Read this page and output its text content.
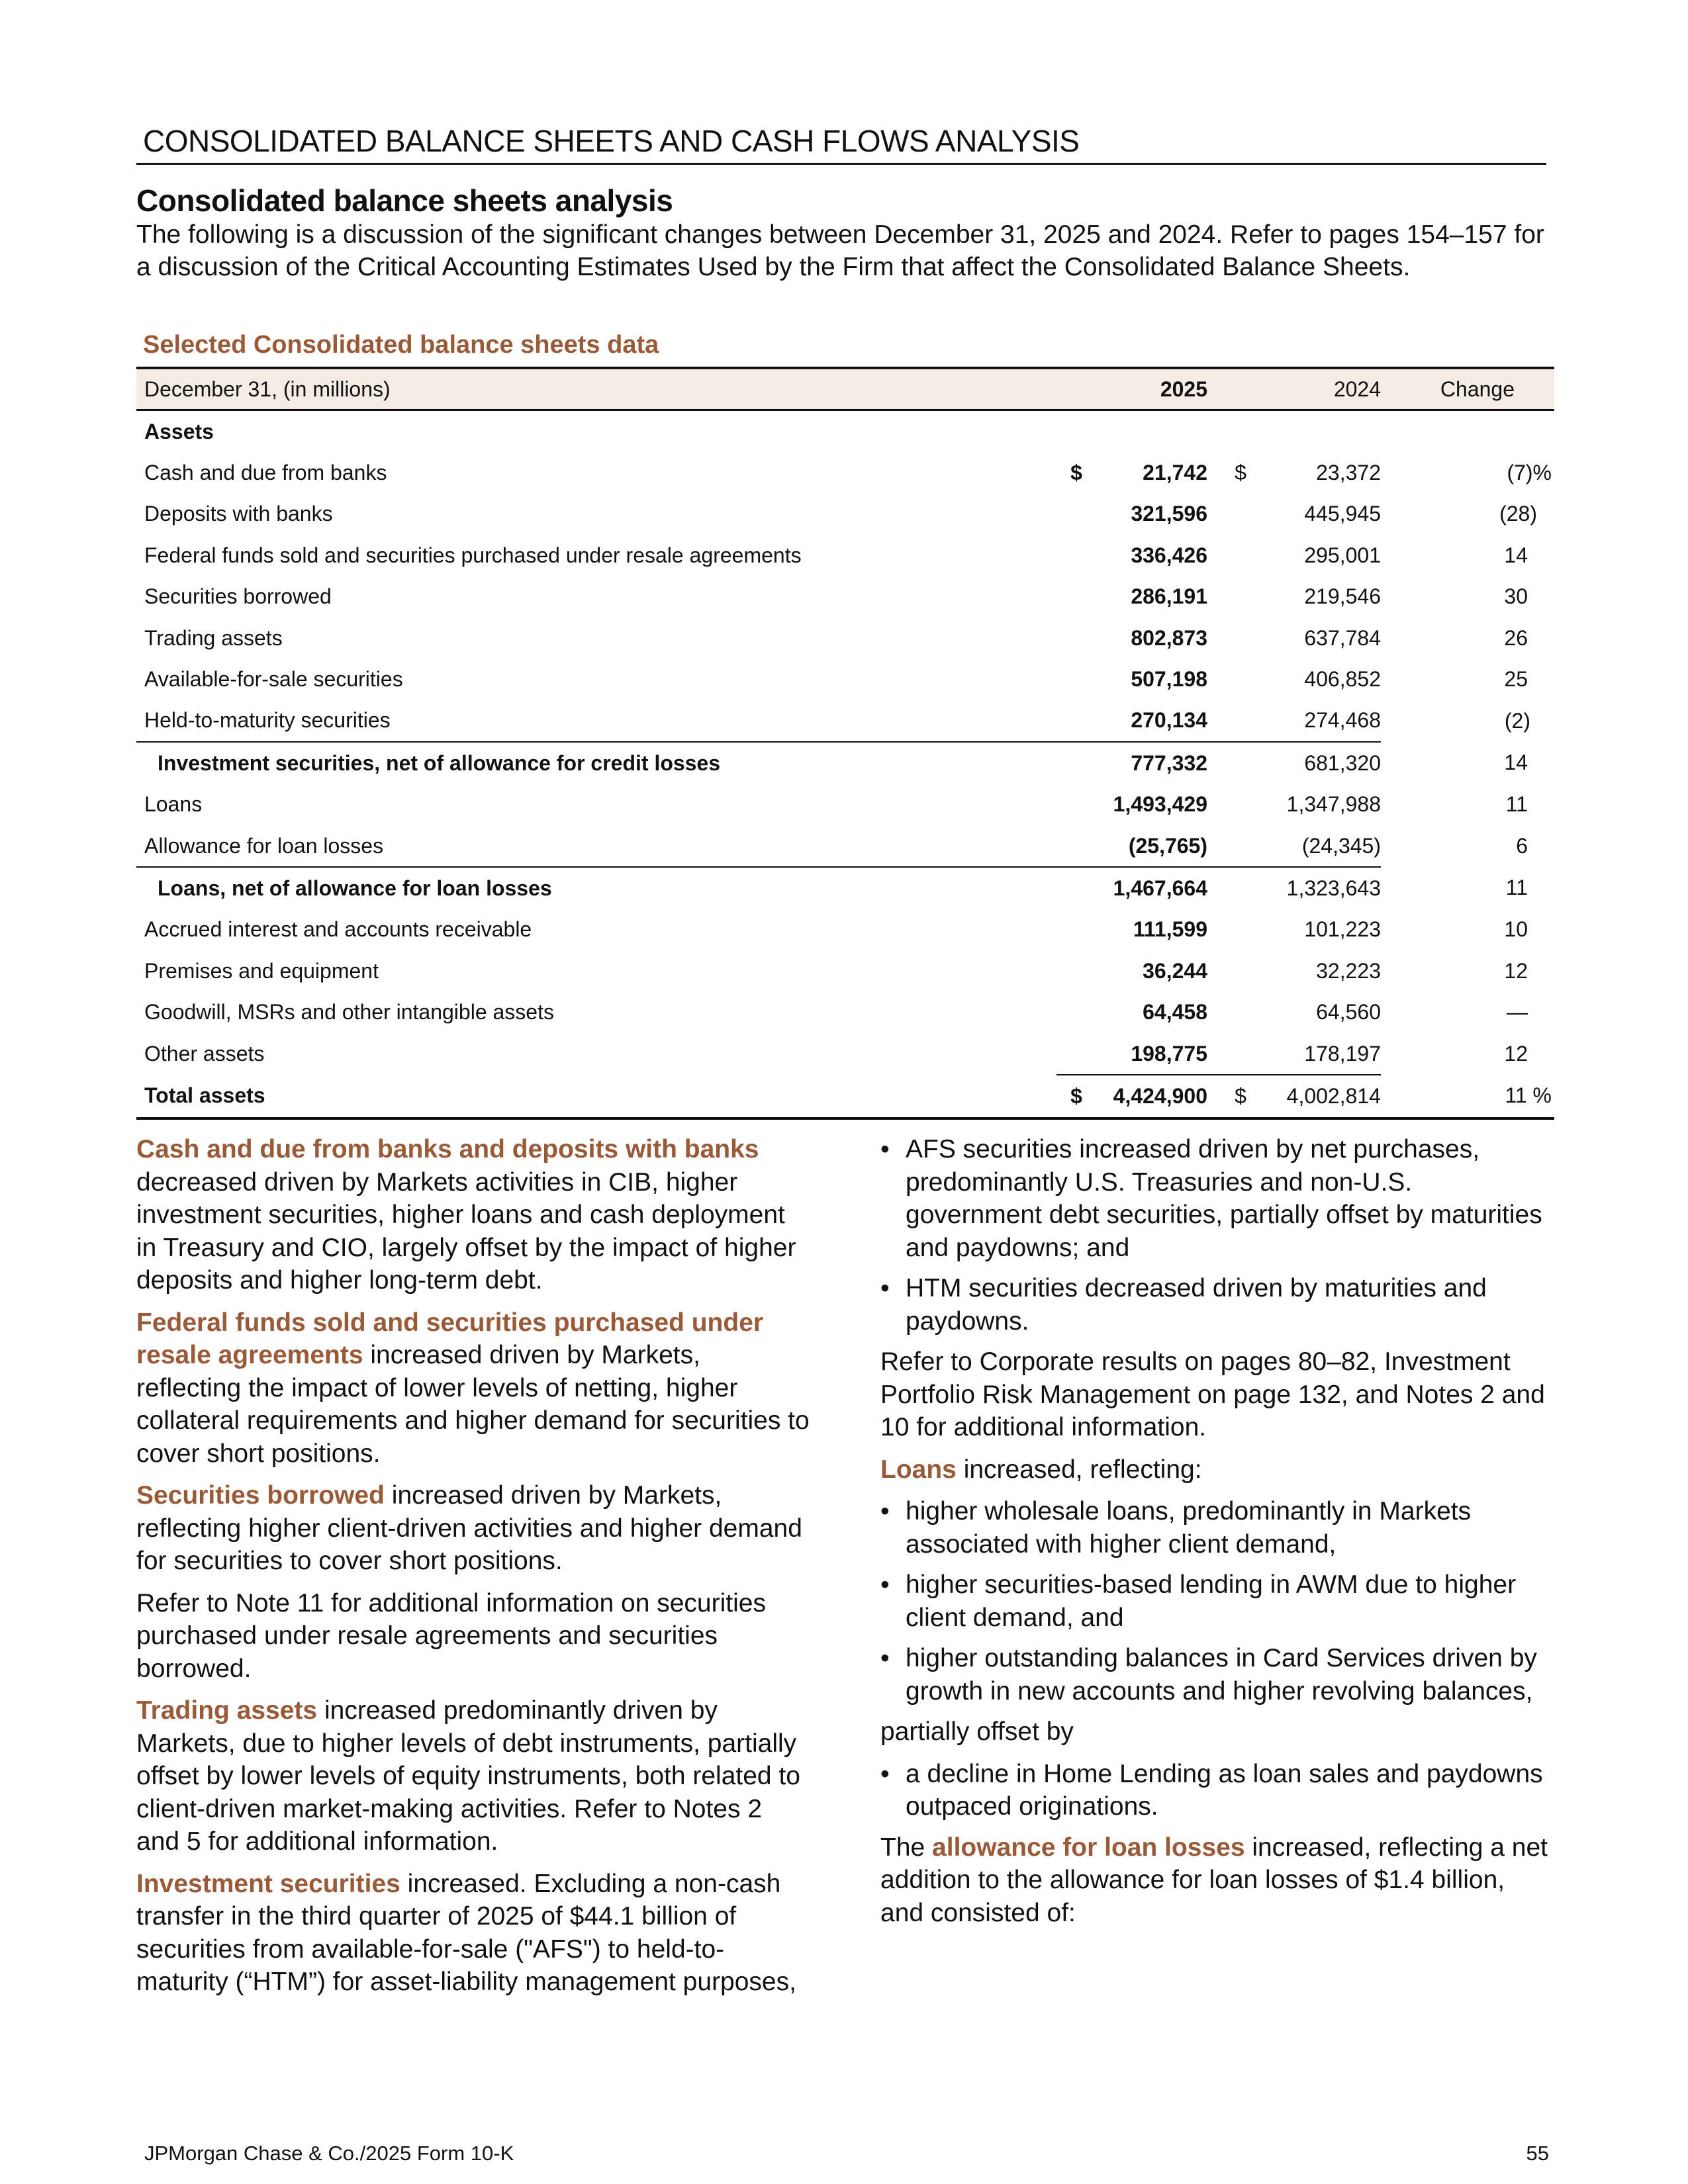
CONSOLIDATED BALANCE SHEETS AND CASH FLOWS ANALYSIS
Consolidated balance sheets analysis
The following is a discussion of the significant changes between December 31, 2025 and 2024. Refer to pages 154–157 for a discussion of the Critical Accounting Estimates Used by the Firm that affect the Consolidated Balance Sheets.
Selected Consolidated balance sheets data
December 31, (in millions)		2025		2024	Change
Assets					
Cash and due from banks	$	21,742	$	23,372	(7)%
Deposits with banks		321,596		445,945	(28)
Federal funds sold and securities purchased under resale agreements		336,426		295,001	14
Securities borrowed		286,191		219,546	30
Trading assets		802,873		637,784	26
Available-for-sale securities		507,198		406,852	25
Held-to-maturity securities		270,134		274,468	(2)
Investment securities, net of allowance for credit losses		777,332		681,320	14
Loans		1,493,429		1,347,988	11
Allowance for loan losses		(25,765)		(24,345)	6
Loans, net of allowance for loan losses		1,467,664		1,323,643	11
Accrued interest and accounts receivable		111,599		101,223	10
Premises and equipment		36,244		32,223	12
Goodwill, MSRs and other intangible assets		64,458		64,560	—
Other assets		198,775		178,197	12
Total assets	$	4,424,900	$	4,002,814	11 %

Cash and due from banks and deposits with banks decreased driven by Markets activities in CIB, higher investment securities, higher loans and cash deployment in Treasury and CIO, largely offset by the impact of higher deposits and higher long-term debt.

Federal funds sold and securities purchased under resale agreements increased driven by Markets, reflecting the impact of lower levels of netting, higher collateral requirements and higher demand for securities to cover short positions.

Securities borrowed increased driven by Markets, reflecting higher client-driven activities and higher demand for securities to cover short positions.

Refer to Note 11 for additional information on securities purchased under resale agreements and securities borrowed.

Trading assets increased predominantly driven by Markets, due to higher levels of debt instruments, partially offset by lower levels of equity instruments, both related to client-driven market-making activities. Refer to Notes 2 and 5 for additional information.

Investment securities increased. Excluding a non-cash transfer in the third quarter of 2025 of $44.1 billion of securities from available-for-sale ("AFS") to held-to-maturity (“HTM”) for asset-liability management purposes,

• AFS securities increased driven by net purchases, predominantly U.S. Treasuries and non-U.S. government debt securities, partially offset by maturities and paydowns; and
• HTM securities decreased driven by maturities and paydowns.

Refer to Corporate results on pages 80–82, Investment Portfolio Risk Management on page 132, and Notes 2 and 10 for additional information.

Loans increased, reflecting:

• higher wholesale loans, predominantly in Markets associated with higher client demand,
• higher securities-based lending in AWM due to higher client demand, and
• higher outstanding balances in Card Services driven by growth in new accounts and higher revolving balances,

partially offset by

• a decline in Home Lending as loan sales and paydowns outpaced originations.

The allowance for loan losses increased, reflecting a net addition to the allowance for loan losses of $1.4 billion, and consisted of:

JPMorgan Chase & Co./2025 Form 10-K	55
